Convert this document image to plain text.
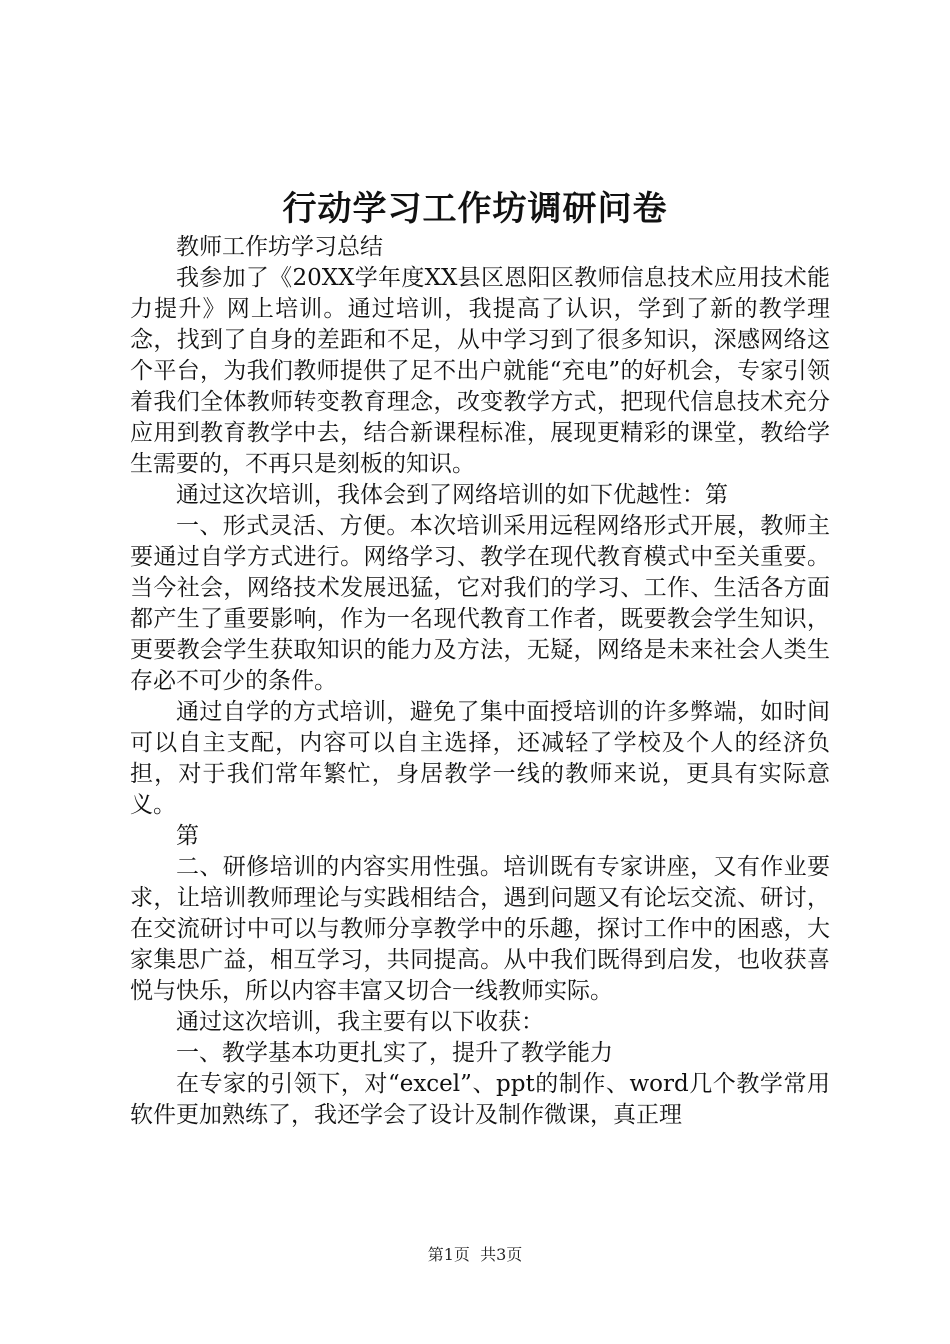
行动学习工作坊调研问卷

教师工作坊学习总结

我参加了《20XX学年度XX县区恩阳区教师信息技术应用技术能力提升》网上培训。通过培训，我提高了认识，学到了新的教学理念，找到了自身的差距和不足，从中学习到了很多知识，深感网络这个平台，为我们教师提供了足不出户就能“充电”的好机会，专家引领着我们全体教师转变教育理念，改变教学方式，把现代信息技术充分应用到教育教学中去，结合新课程标准，展现更精彩的课堂，教给学生需要的，不再只是刻板的知识。

通过这次培训，我体会到了网络培训的如下优越性：第

一、形式灵活、方便。本次培训采用远程网络形式开展，教师主要通过自学方式进行。网络学习、教学在现代教育模式中至关重要。当今社会，网络技术发展迅猛，它对我们的学习、工作、生活各方面都产生了重要影响，作为一名现代教育工作者，既要教会学生知识，更要教会学生获取知识的能力及方法，无疑，网络是未来社会人类生存必不可少的条件。

通过自学的方式培训，避免了集中面授培训的许多弊端，如时间可以自主支配，内容可以自主选择，还减轻了学校及个人的经济负担，对于我们常年繁忙，身居教学一线的教师来说，更具有实际意义。

第

二、研修培训的内容实用性强。培训既有专家讲座，又有作业要求，让培训教师理论与实践相结合，遇到问题又有论坛交流、研讨，在交流研讨中可以与教师分享教学中的乐趣，探讨工作中的困惑，大家集思广益，相互学习，共同提高。从中我们既得到启发，也收获喜悦与快乐，所以内容丰富又切合一线教师实际。

通过这次培训，我主要有以下收获：

一、教学基本功更扎实了，提升了教学能力

在专家的引领下，对“excel”、ppt的制作、word几个教学常用软件更加熟练了，我还学会了设计及制作微课，真正理

第1页 共3页
